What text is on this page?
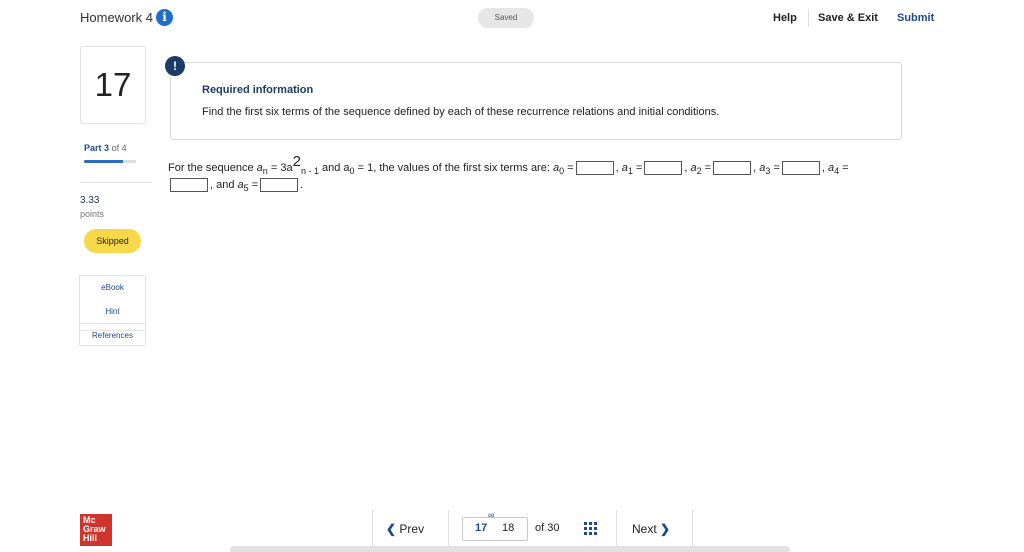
Homework 4 i	Saved	Help Save & Exit Submit
17
Part 3 of 4
3.33
points
Skipped
eBook
Hint
References
!
Required information
Find the first six terms of the sequence defined by each of these recurrence relations and initial conditions.
For the sequence $a_n = 3a2_{n - 1}$ and $a_0 = 1$, the values of the first six terms are: $a_0$ =	, $a_1$ =	, $a_2$ =	, $a_3$ =	, $a_4$ =
, and $a_5$ =	.
Mc
Graw
Hill
❮ Prev
∞
17 18 of 30	Next ❯
